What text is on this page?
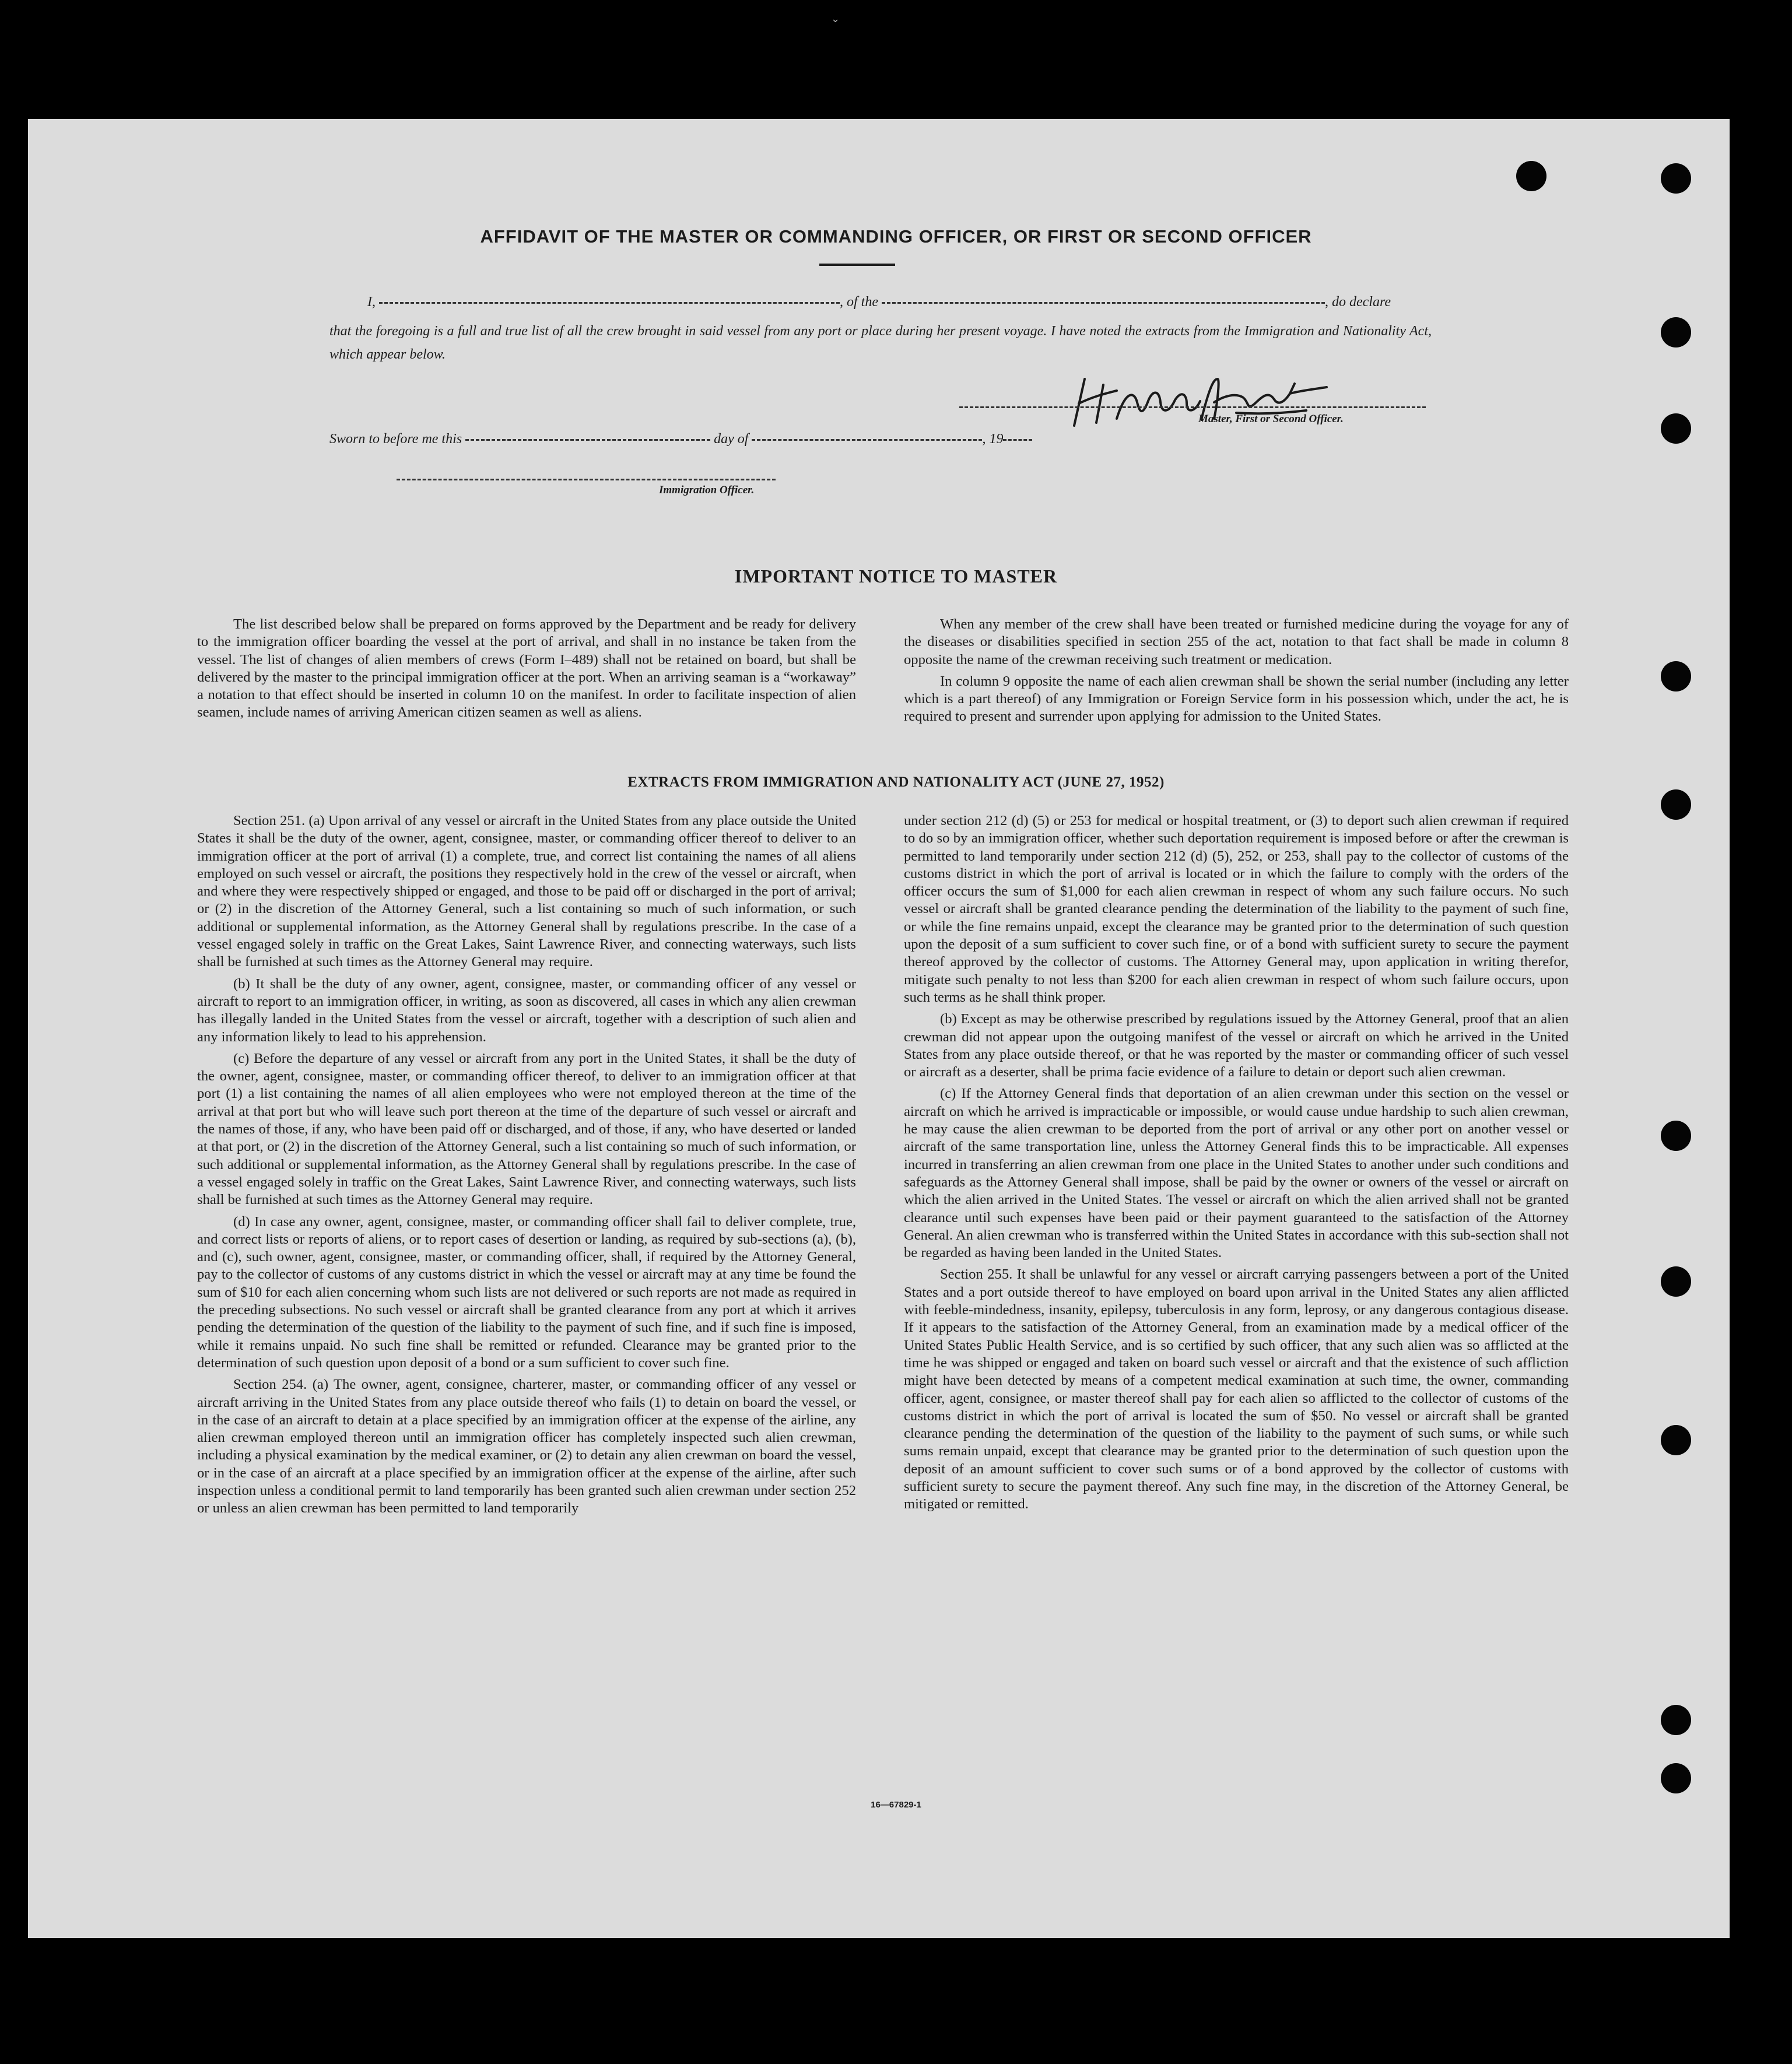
⌄
AFFIDAVIT OF THE MASTER OR COMMANDING OFFICER, OR FIRST OR SECOND OFFICER
I,	, of the	, do declare
that the foregoing is a full and true list of all the crew brought in said vessel from any port or place during her present voyage. I have noted the extracts from the Immigration and Nationality Act, which appear below.
Master, First or Second Officer.
Sworn to before me this	day of	, 19
Immigration Officer.
IMPORTANT NOTICE TO MASTER

The list described below shall be prepared on forms approved by the Department and be ready for delivery to the immigration officer boarding the vessel at the port of arrival, and shall in no instance be taken from the vessel. The list of changes of alien members of crews (Form I–489) shall not be retained on board, but shall be delivered by the master to the principal immigration officer at the port. When an arriving seaman is a “workaway” a notation to that effect should be inserted in column 10 on the manifest. In order to facilitate inspection of alien seamen, include names of arriving American citizen seamen as well as aliens.

When any member of the crew shall have been treated or furnished medicine during the voyage for any of the diseases or disabilities specified in section 255 of the act, notation to that fact shall be made in column 8 opposite the name of the crewman receiving such treatment or medication.

In column 9 opposite the name of each alien crewman shall be shown the serial number (including any letter which is a part thereof) of any Immigration or Foreign Service form in his possession which, under the act, he is required to present and surrender upon applying for admission to the United States.

EXTRACTS FROM IMMIGRATION AND NATIONALITY ACT (JUNE 27, 1952)

Section 251. (a) Upon arrival of any vessel or aircraft in the United States from any place outside the United States it shall be the duty of the owner, agent, consignee, master, or commanding officer thereof to deliver to an immigration officer at the port of arrival (1) a complete, true, and correct list containing the names of all aliens employed on such vessel or aircraft, the positions they respectively hold in the crew of the vessel or aircraft, when and where they were respectively shipped or engaged, and those to be paid off or discharged in the port of arrival; or (2) in the discretion of the Attorney General, such a list containing so much of such information, or such additional or supplemental information, as the Attorney General shall by regulations prescribe. In the case of a vessel engaged solely in traffic on the Great Lakes, Saint Lawrence River, and connecting waterways, such lists shall be furnished at such times as the Attorney General may require.

(b) It shall be the duty of any owner, agent, consignee, master, or commanding officer of any vessel or aircraft to report to an immigration officer, in writing, as soon as discovered, all cases in which any alien crewman has illegally landed in the United States from the vessel or aircraft, together with a description of such alien and any information likely to lead to his apprehension.

(c) Before the departure of any vessel or aircraft from any port in the United States, it shall be the duty of the owner, agent, consignee, master, or commanding officer thereof, to deliver to an immigration officer at that port (1) a list containing the names of all alien employees who were not employed thereon at the time of the arrival at that port but who will leave such port thereon at the time of the departure of such vessel or aircraft and the names of those, if any, who have been paid off or discharged, and of those, if any, who have deserted or landed at that port, or (2) in the discretion of the Attorney General, such a list containing so much of such information, or such additional or supplemental information, as the Attorney General shall by regulations prescribe. In the case of a vessel engaged solely in traffic on the Great Lakes, Saint Lawrence River, and connecting waterways, such lists shall be furnished at such times as the Attorney General may require.

(d) In case any owner, agent, consignee, master, or commanding officer shall fail to deliver complete, true, and correct lists or reports of aliens, or to report cases of desertion or landing, as required by sub-sections (a), (b), and (c), such owner, agent, consignee, master, or commanding officer, shall, if required by the Attorney General, pay to the collector of customs of any customs district in which the vessel or aircraft may at any time be found the sum of $10 for each alien concerning whom such lists are not delivered or such reports are not made as required in the preceding subsections. No such vessel or aircraft shall be granted clearance from any port at which it arrives pending the determination of the question of the liability to the payment of such fine, and if such fine is imposed, while it remains unpaid. No such fine shall be remitted or refunded. Clearance may be granted prior to the determination of such question upon deposit of a bond or a sum sufficient to cover such fine.

Section 254. (a) The owner, agent, consignee, charterer, master, or commanding officer of any vessel or aircraft arriving in the United States from any place outside thereof who fails (1) to detain on board the vessel, or in the case of an aircraft to detain at a place specified by an immigration officer at the expense of the airline, any alien crewman employed thereon until an immigration officer has completely inspected such alien crewman, including a physical examination by the medical examiner, or (2) to detain any alien crewman on board the vessel, or in the case of an aircraft at a place specified by an immigration officer at the expense of the airline, after such inspection unless a conditional permit to land temporarily has been granted such alien crewman under section 252 or unless an alien crewman has been permitted to land temporarily

under section 212 (d) (5) or 253 for medical or hospital treatment, or (3) to deport such alien crewman if required to do so by an immigration officer, whether such deportation requirement is imposed before or after the crewman is permitted to land temporarily under section 212 (d) (5), 252, or 253, shall pay to the collector of customs of the customs district in which the port of arrival is located or in which the failure to comply with the orders of the officer occurs the sum of $1,000 for each alien crewman in respect of whom any such failure occurs. No such vessel or aircraft shall be granted clearance pending the determination of the liability to the payment of such fine, or while the fine remains unpaid, except the clearance may be granted prior to the determination of such question upon the deposit of a sum sufficient to cover such fine, or of a bond with sufficient surety to secure the payment thereof approved by the collector of customs. The Attorney General may, upon application in writing therefor, mitigate such penalty to not less than $200 for each alien crewman in respect of whom such failure occurs, upon such terms as he shall think proper.

(b) Except as may be otherwise prescribed by regulations issued by the Attorney General, proof that an alien crewman did not appear upon the outgoing manifest of the vessel or aircraft on which he arrived in the United States from any place outside thereof, or that he was reported by the master or commanding officer of such vessel or aircraft as a deserter, shall be prima facie evidence of a failure to detain or deport such alien crewman.

(c) If the Attorney General finds that deportation of an alien crewman under this section on the vessel or aircraft on which he arrived is impracticable or impossible, or would cause undue hardship to such alien crewman, he may cause the alien crewman to be deported from the port of arrival or any other port on another vessel or aircraft of the same transportation line, unless the Attorney General finds this to be impracticable. All expenses incurred in transferring an alien crewman from one place in the United States to another under such conditions and safeguards as the Attorney General shall impose, shall be paid by the owner or owners of the vessel or aircraft on which the alien arrived in the United States. The vessel or aircraft on which the alien arrived shall not be granted clearance until such expenses have been paid or their payment guaranteed to the satisfaction of the Attorney General. An alien crewman who is transferred within the United States in accordance with this sub-section shall not be regarded as having been landed in the United States.

Section 255. It shall be unlawful for any vessel or aircraft carrying passengers between a port of the United States and a port outside thereof to have employed on board upon arrival in the United States any alien afflicted with feeble-mindedness, insanity, epilepsy, tuberculosis in any form, leprosy, or any dangerous contagious disease. If it appears to the satisfaction of the Attorney General, from an examination made by a medical officer of the United States Public Health Service, and is so certified by such officer, that any such alien was so afflicted at the time he was shipped or engaged and taken on board such vessel or aircraft and that the existence of such affliction might have been detected by means of a competent medical examination at such time, the owner, commanding officer, agent, consignee, or master thereof shall pay for each alien so afflicted to the collector of customs of the customs district in which the port of arrival is located the sum of $50. No vessel or aircraft shall be granted clearance pending the determination of the question of the liability to the payment of such sums, or while such sums remain unpaid, except that clearance may be granted prior to the determination of such question upon the deposit of an amount sufficient to cover such sums or of a bond approved by the collector of customs with sufficient surety to secure the payment thereof. Any such fine may, in the discretion of the Attorney General, be mitigated or remitted.

16—67829-1
